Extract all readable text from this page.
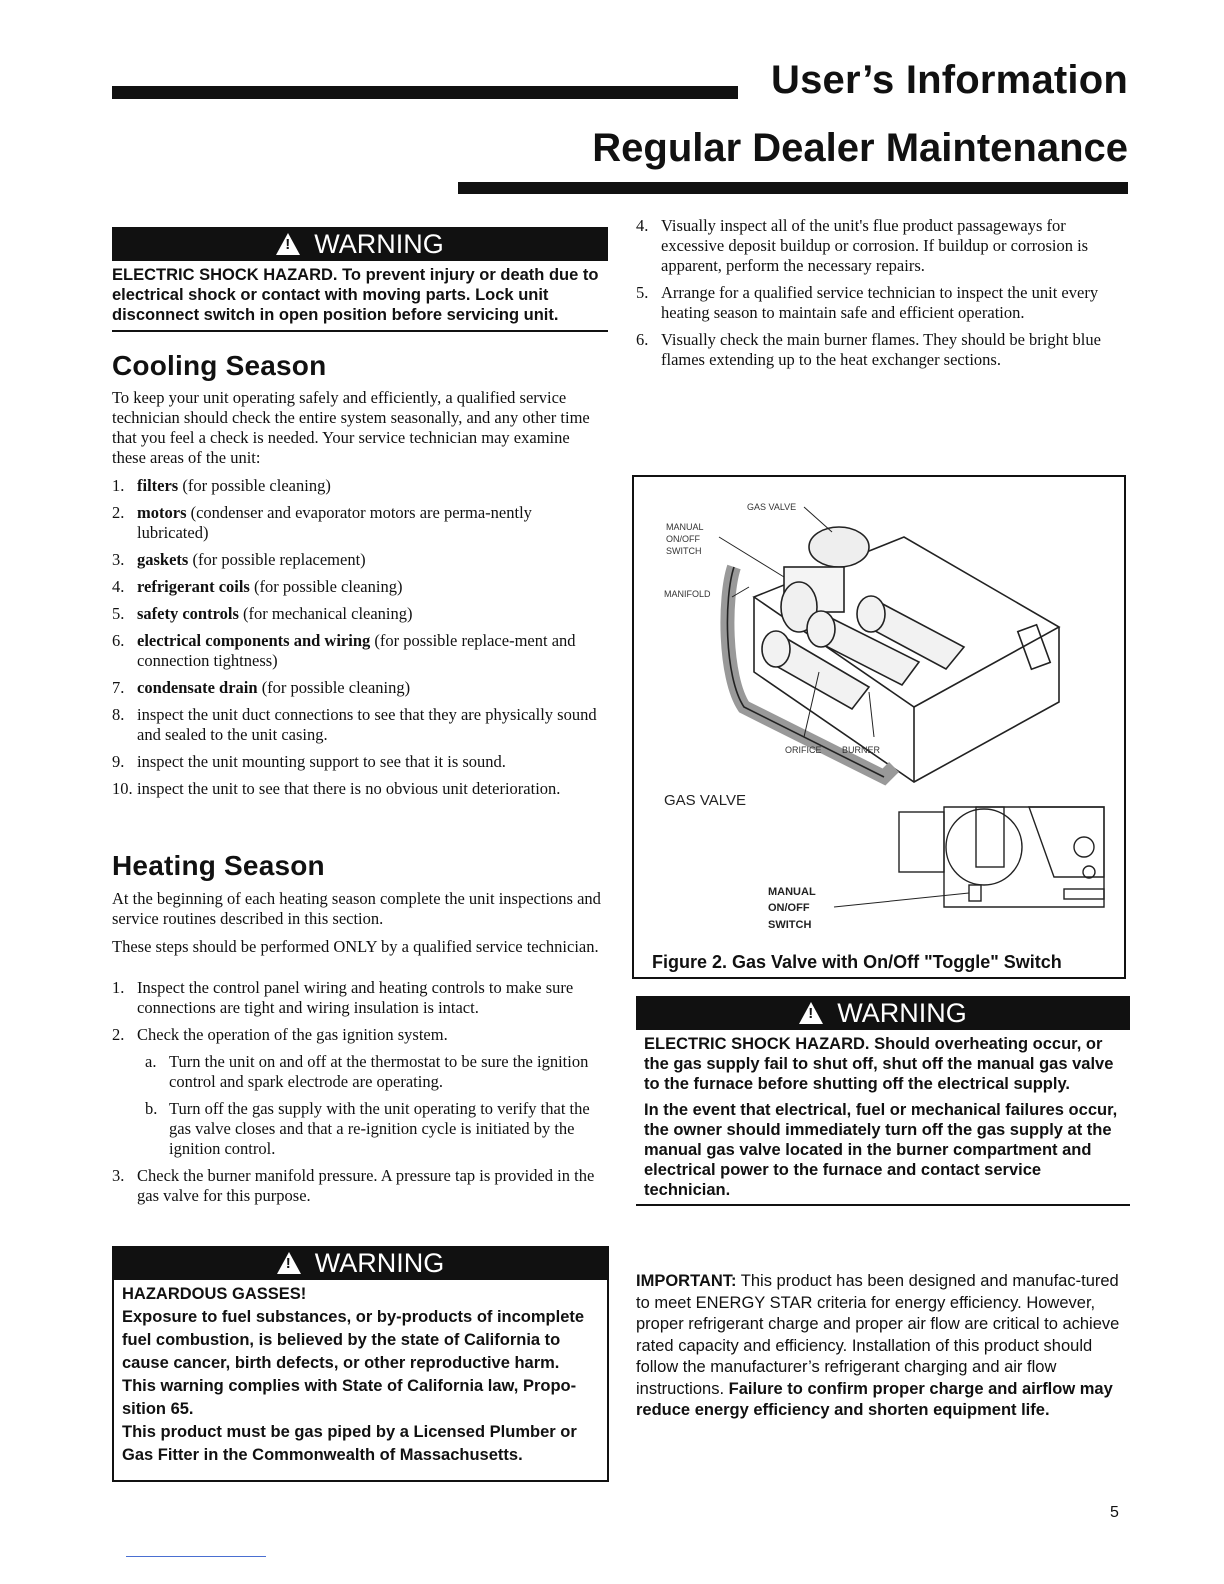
User’s Information
Regular Dealer Maintenance
!WARNING
ELECTRIC SHOCK HAZARD. To prevent injury or death due to electrical shock or contact with moving parts. Lock unit disconnect switch in open position before servicing unit.
Cooling Season
To keep your unit operating safely and efficiently, a qualified service technician should check the entire system seasonally, and any other time that you feel a check is needed. Your service technician may examine these areas of the unit:
1. filters (for possible cleaning)
2. motors (condenser and evaporator motors are perma-nently lubricated)
3. gaskets (for possible replacement)
4. refrigerant coils (for possible cleaning)
5. safety controls (for mechanical cleaning)
6. electrical components and wiring (for possible replace-ment and connection tightness)
7. condensate drain (for possible cleaning)
8. inspect the unit duct connections to see that they are physically sound and sealed to the unit casing.
9. inspect the unit mounting support to see that it is sound.
10. inspect the unit to see that there is no obvious unit deterioration.
Heating Season
At the beginning of each heating season complete the unit inspections and service routines described in this section.
These steps should be performed ONLY by a qualified service technician.
1. Inspect the control panel wiring and heating controls to make sure connections are tight and wiring insulation is intact.
2. Check the operation of the gas ignition system.
a. Turn the unit on and off at the thermostat to be sure the ignition control and spark electrode are operating.
b. Turn off the gas supply with the unit operating to verify that the gas valve closes and that a re-ignition cycle is initiated by the ignition control.
3. Check the burner manifold pressure. A pressure tap is provided in the gas valve for this purpose.
!WARNING
HAZARDOUS GASSES!
Exposure to fuel substances, or by-products of incomplete fuel combustion, is believed by the state of California to cause cancer, birth defects, or other reproductive harm.
This warning complies with State of California law, Propo-sition 65.
This product must be gas piped by a Licensed Plumber or Gas Fitter in the Commonwealth of Massachusetts.
4. Visually inspect all of the unit's flue product passageways for excessive deposit buildup or corrosion. If buildup or corrosion is apparent, perform the necessary repairs.
5. Arrange for a qualified service technician to inspect the unit every heating season to maintain safe and efficient operation.
6. Visually check the main burner flames. They should be bright blue flames extending up to the heat exchanger sections.
GAS VALVE
MANUAL
ON/OFF
SWITCH
MANIFOLD
ORIFICE BURNER
GAS VALVE
MANUAL
ON/OFF
SWITCH
Figure 2. Gas Valve with On/Off "Toggle" Switch
!WARNING
ELECTRIC SHOCK HAZARD. Should overheating occur, or the gas supply fail to shut off, shut off the manual gas valve to the furnace before shutting off the electrical supply.
In the event that electrical, fuel or mechanical failures occur, the owner should immediately turn off the gas supply at the manual gas valve located in the burner compartment and electrical power to the furnace and contact service technician.
IMPORTANT: This product has been designed and manufac-tured to meet ENERGY STAR criteria for energy efficiency. However, proper refrigerant charge and proper air flow are critical to achieve rated capacity and efficiency. Installation of this product should follow the manufacturer’s refrigerant charging and air flow instructions. Failure to confirm proper charge and airflow may reduce energy efficiency and shorten equipment life.
5
